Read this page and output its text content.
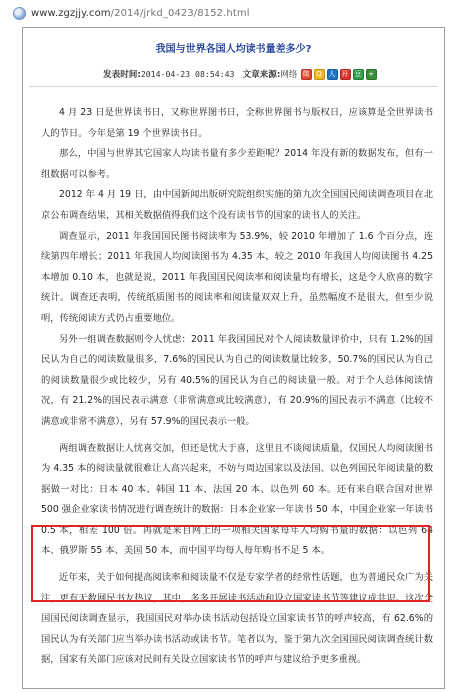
www.zgzjjy.com/2014/jrkd_0423/8152.html
我国与世界各国人均读书量差多少?
发表时间: 2014-04-23 08:54:43 文章来源: 网络 微 Q 人 开 豆 +

4 月 23 日是世界读书日，又称世界图书日，全称世界图书与版权日，应该算是全世界读书人的节日。今年是第 19 个世界读书日。

那么，中国与世界其它国家人均读书量有多少差距呢？2014 年没有新的数据发布，但有一组数据可以参考。

2012 年 4 月 19 日，由中国新闻出版研究院组织实施的第九次全国国民阅读调查项目在北京公布调查结果，其相关数据值得我们这个没有读书节的国家的读书人的关注。

调查显示，2011 年我国国民图书阅读率为 53.9%，较 2010 年增加了 1.6 个百分点，连续第四年增长；2011 年我国人均阅读图书为 4.35 本，较之 2010 年我国人均阅读图书 4.25 本增加 0.10 本，也就是说，2011 年我国国民阅读率和阅读量均有增长，这是令人欣喜的数字统计。调查还表明，传统纸质图书的阅读率和阅读量双双上升，虽然幅度不是很大，但至少说明，传统阅读方式仍占重要地位。

另外一组调查数据则令人忧虑：2011 年我国国民对个人阅读数量评价中，只有 1.2%的国民认为自己的阅读数量很多，7.6%的国民认为自己的阅读数量比较多，50.7%的国民认为自己的阅读数量很少或比较少，另有 40.5%的国民认为自己的阅读量一般。对于个人总体阅读情况，有 21.2%的国民表示满意（非常满意或比较满意），有 20.9%的国民表示不满意（比较不满意或非常不满意），另有 57.9%的国民表示一般。

两组调查数据让人忧喜交加，但还是忧大于喜，这里且不谈阅读质量，仅国民人均阅读图书为 4.35 本的阅读量就很难让人高兴起来，不妨与周边国家以及法国、以色列国民年阅读量的数据做一对比：日本 40 本、韩国 11 本、法国 20 本、以色列 60 本。还有来自联合国对世界 500 强企业家读书情况进行调查统计的数据：日本企业家一年读书 50 本，中国企业家一年读书 0.5 本，相差 100 倍。再就是来自网上的一项相关国家每年人均购书量的数据：以色列 64 本、俄罗斯 55 本、美国 50 本，而中国平均每人每年购书不足 5 本。

近年来，关于如何提高阅读率和阅读量不仅是专家学者的经常性话题，也为普通民众广为关注，更有无数网民书友热议，其中，多多开展读书活动和设立国家读书节等建议成共识。这次全国国民阅读调查显示，我国国民对举办读书活动包括设立国家读书节的呼声较高，有 62.6%的国民认为有关部门应当举办读书活动或读书节。笔者以为，鉴于第九次全国国民阅读调查统计数据，国家有关部门应该对民间有关设立国家读书节的呼声与建议给予更多重视。
